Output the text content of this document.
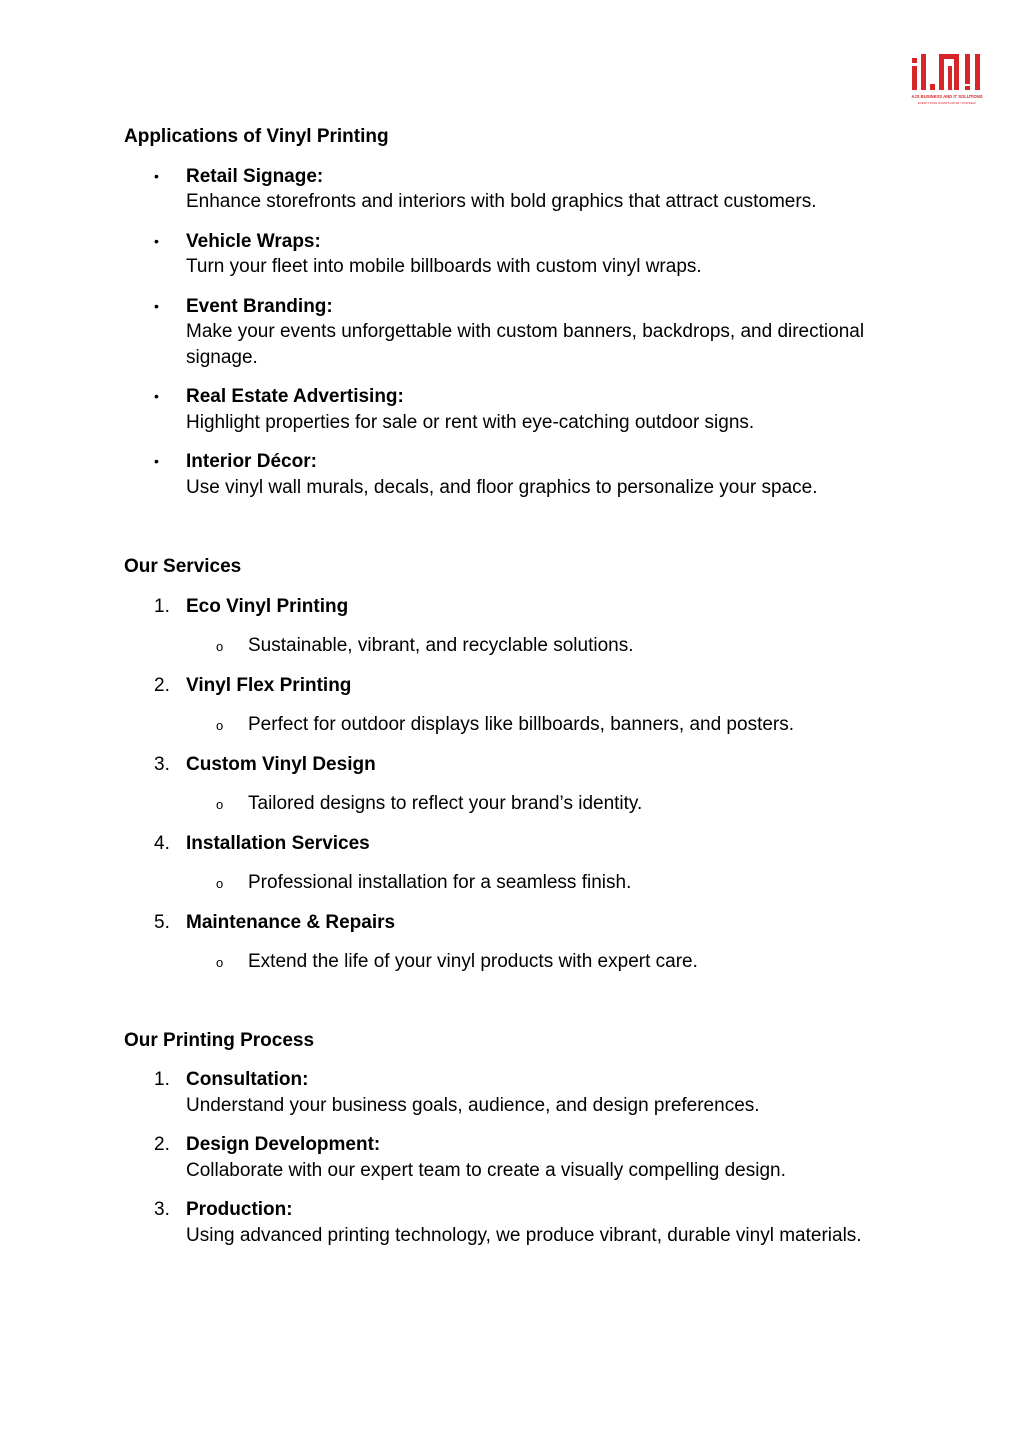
AJS BUSINESS AND IT SOLUTIONS
EVERYTHING STARTS FROM YOURSELF
Applications of Vinyl Printing
• Retail Signage:
Enhance storefronts and interiors with bold graphics that attract customers.
• Vehicle Wraps:
Turn your fleet into mobile billboards with custom vinyl wraps.
• Event Branding:
Make your events unforgettable with custom banners, backdrops, and directional signage.
• Real Estate Advertising:
Highlight properties for sale or rent with eye-catching outdoor signs.
• Interior Décor:
Use vinyl wall murals, decals, and floor graphics to personalize your space.
Our Services
1. Eco Vinyl Printing
o Sustainable, vibrant, and recyclable solutions.
2. Vinyl Flex Printing
o Perfect for outdoor displays like billboards, banners, and posters.
3. Custom Vinyl Design
o Tailored designs to reflect your brand’s identity.
4. Installation Services
o Professional installation for a seamless finish.
5. Maintenance & Repairs
o Extend the life of your vinyl products with expert care.
Our Printing Process
1. Consultation:
Understand your business goals, audience, and design preferences.
2. Design Development:
Collaborate with our expert team to create a visually compelling design.
3. Production:
Using advanced printing technology, we produce vibrant, durable vinyl materials.
